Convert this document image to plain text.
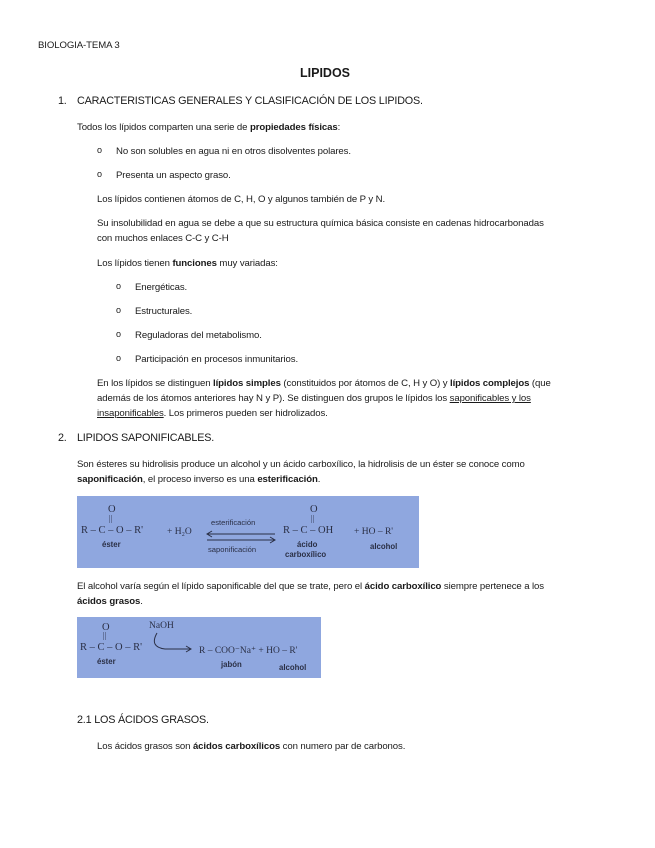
BIOLOGIA-TEMA 3
LIPIDOS
1. CARACTERISTICAS GENERALES Y CLASIFICACIÓN DE LOS LIPIDOS.
Todos los lípidos comparten una serie de propiedades físicas:
o No son solubles en agua ni en otros disolventes polares.
o Presenta un aspecto graso.
Los lípidos contienen átomos de C, H, O y algunos también de P y N.
Su insolubilidad en agua se debe a que su estructura química básica consiste en cadenas hidrocarbonadas
con muchos enlaces C-C y C-H
Los lípidos tienen funciones muy variadas:
o Energéticas.
o Estructurales.
o Reguladoras del metabolismo.
o Participación en procesos inmunitarios.
En los lípidos se distinguen lípidos simples (constituidos por átomos de C, H y O) y lípidos complejos (que
además de los átomos anteriores hay N y P). Se distinguen dos grupos le lípidos los saponificables y los
insaponificables. Los primeros pueden ser hidrolizados.
2. LIPIDOS SAPONIFICABLES.
Son ésteres su hidrolisis produce un alcohol y un ácido carboxílico, la hidrolisis de un éster se conoce como
saponificación, el proceso inverso es una esterificación.
O
||
R – C – O – R'
éster
+ H₂O
esterificación
saponificación
O
||
R – C – OH
ácido
carboxílico
+ HO – R'
alcohol
El alcohol varía según el lípido saponificable del que se trate, pero el ácido carboxílico siempre pertenece a los
ácidos grasos.
O
||
R – C – O – R'
éster
NaOH
R – COO⁻Na⁺ + HO – R'
jabón	alcohol
2.1 LOS ÁCIDOS GRASOS.
Los ácidos grasos son ácidos carboxílicos con numero par de carbonos.
